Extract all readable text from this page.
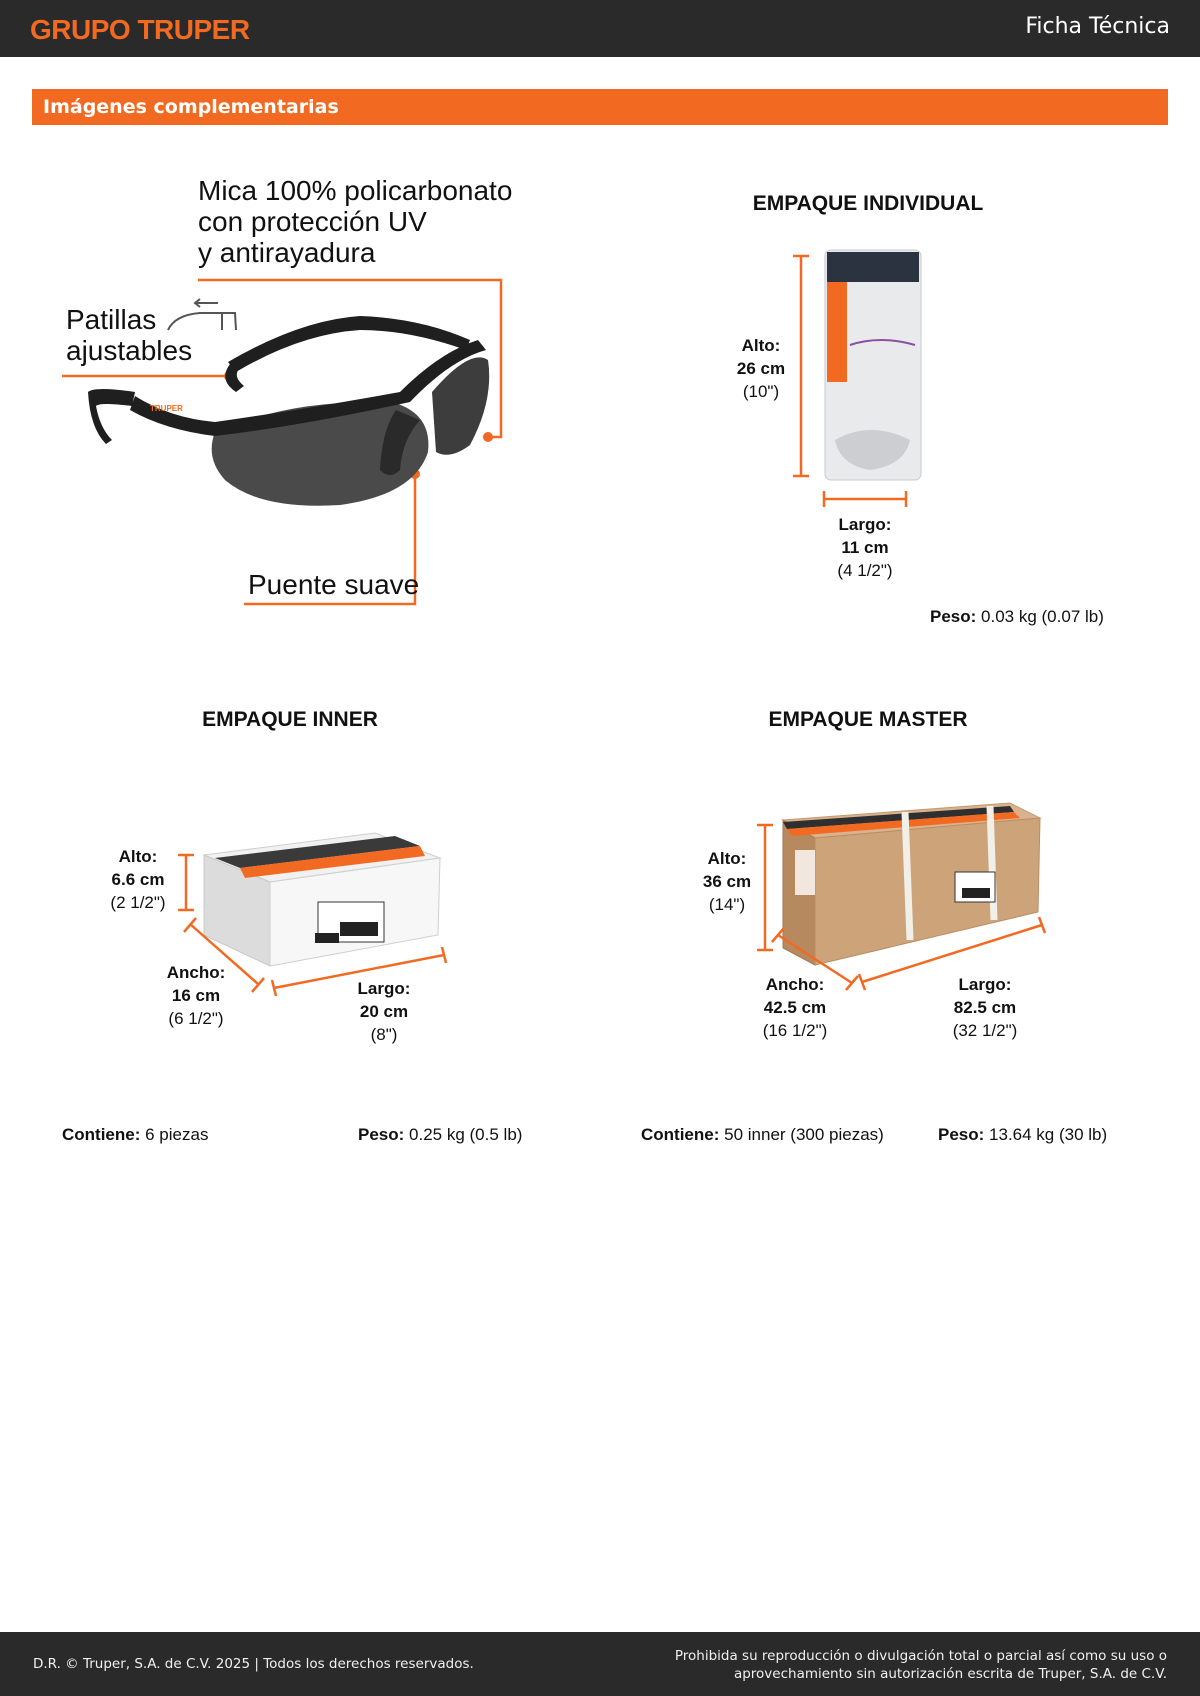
GRUPO TRUPER	Ficha Técnica
Imágenes complementarias
TRUPER
Mica 100% policarbonato
con protección UV
y antirayadura
Patillas
ajustables
Puente suave
EMPAQUE INDIVIDUAL
Alto:
26 cm
(10")
Largo:
11 cm
(4 1/2")
Peso: 0.03 kg (0.07 lb)
EMPAQUE INNER
Alto:
6.6 cm
(2 1/2")
Ancho:
16 cm
(6 1/2")
Largo:
20 cm
(8")
Contiene: 6 piezas	Peso: 0.25 kg (0.5 lb)
EMPAQUE MASTER
Alto:
36 cm
(14")
Ancho:
42.5 cm
(16 1/2")
Largo:
82.5 cm
(32 1/2")
Contiene: 50 inner (300 piezas)	Peso: 13.64 kg (30 lb)
D.R. © Truper, S.A. de C.V. 2025 | Todos los derechos reservados.	Prohibida su reproducción o divulgación total o parcial así como su uso o
aprovechamiento sin autorización escrita de Truper, S.A. de C.V.
